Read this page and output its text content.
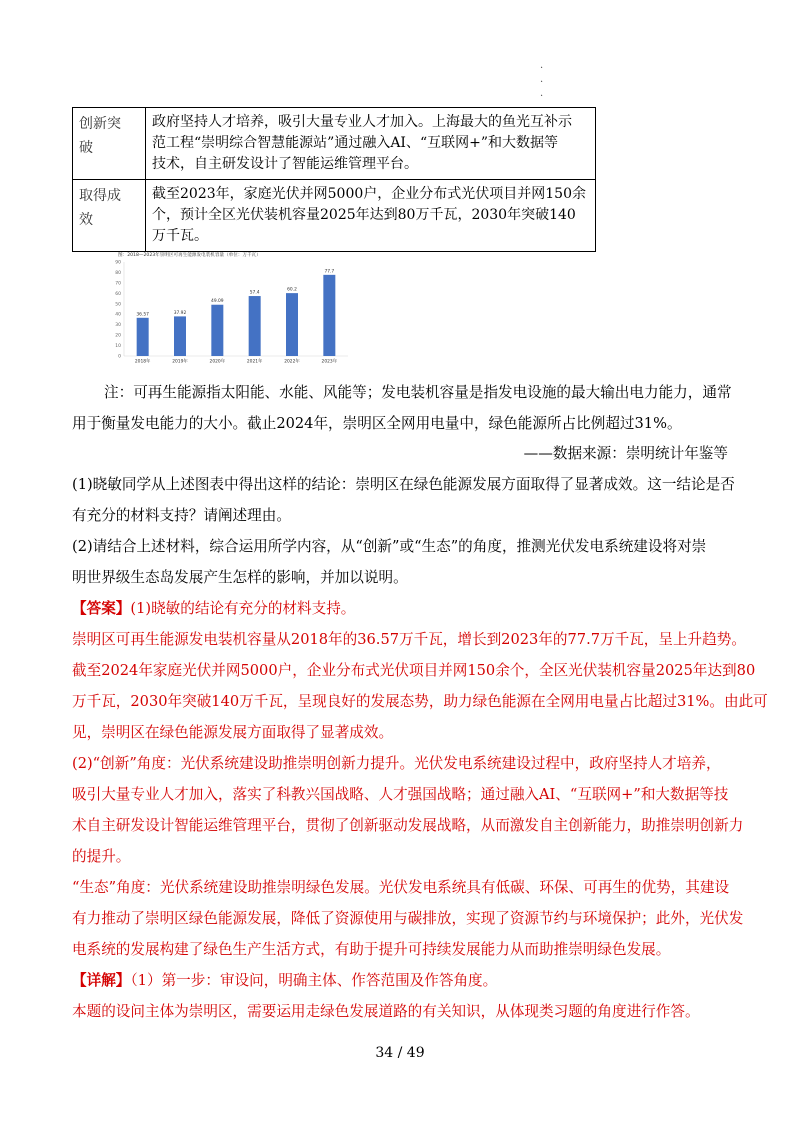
·
·
·
创新突
破	政府坚持人才培养，吸引大量专业人才加入。上海最大的鱼光互补示
范工程“崇明综合智慧能源站”通过融入AI、“互联网+”和大数据等
技术，自主研发设计了智能运维管理平台。
取得成
效	截至2023年，家庭光伏并网5000户，企业分布式光伏项目并网150余
个，预计全区光伏装机容量2025年达到80万千瓦，2030年突破140
万千瓦。
图：2018—2023年崇明区可再生能源发电装机容量（单位：万千瓦）
0
10
20
30
40
50
60
70
80
90
36.57
2018年
37.92
2019年
49.09
2020年
57.4
2021年
60.2
2022年
77.7
2023年
注：可再生能源指太阳能、水能、风能等；发电装机容量是指发电设施的最大输出电力能力，通常
用于衡量发电能力的大小。截止2024年，崇明区全网用电量中，绿色能源所占比例超过31%。
——数据来源：崇明统计年鉴等
(1)晓敏同学从上述图表中得出这样的结论：崇明区在绿色能源发展方面取得了显著成效。这一结论是否
有充分的材料支持？请阐述理由。
(2)请结合上述材料，综合运用所学内容，从“创新”或“生态”的角度，推测光伏发电系统建设将对崇
明世界级生态岛发展产生怎样的影响，并加以说明。
【答案】(1)晓敏的结论有充分的材料支持。
崇明区可再生能源发电装机容量从2018年的36.57万千瓦，增长到2023年的77.7万千瓦，呈上升趋势。
截至2024年家庭光伏并网5000户，企业分布式光伏项目并网150余个，全区光伏装机容量2025年达到80
万千瓦，2030年突破140万千瓦，呈现良好的发展态势，助力绿色能源在全网用电量占比超过31%。由此可
见，崇明区在绿色能源发展方面取得了显著成效。
(2)“创新”角度：光伏系统建设助推崇明创新力提升。光伏发电系统建设过程中，政府坚持人才培养，
吸引大量专业人才加入，落实了科教兴国战略、人才强国战略；通过融入AI、“互联网+”和大数据等技
术自主研发设计智能运维管理平台，贯彻了创新驱动发展战略，从而激发自主创新能力，助推崇明创新力
的提升。
“生态”角度：光伏系统建设助推崇明绿色发展。光伏发电系统具有低碳、环保、可再生的优势，其建设
有力推动了崇明区绿色能源发展，降低了资源使用与碳排放，实现了资源节约与环境保护；此外，光伏发
电系统的发展构建了绿色生产生活方式，有助于提升可持续发展能力从而助推崇明绿色发展。
【详解】（1）第一步：审设问，明确主体、作答范围及作答角度。
本题的设问主体为崇明区，需要运用走绿色发展道路的有关知识，从体现类习题的角度进行作答。
34 / 49
